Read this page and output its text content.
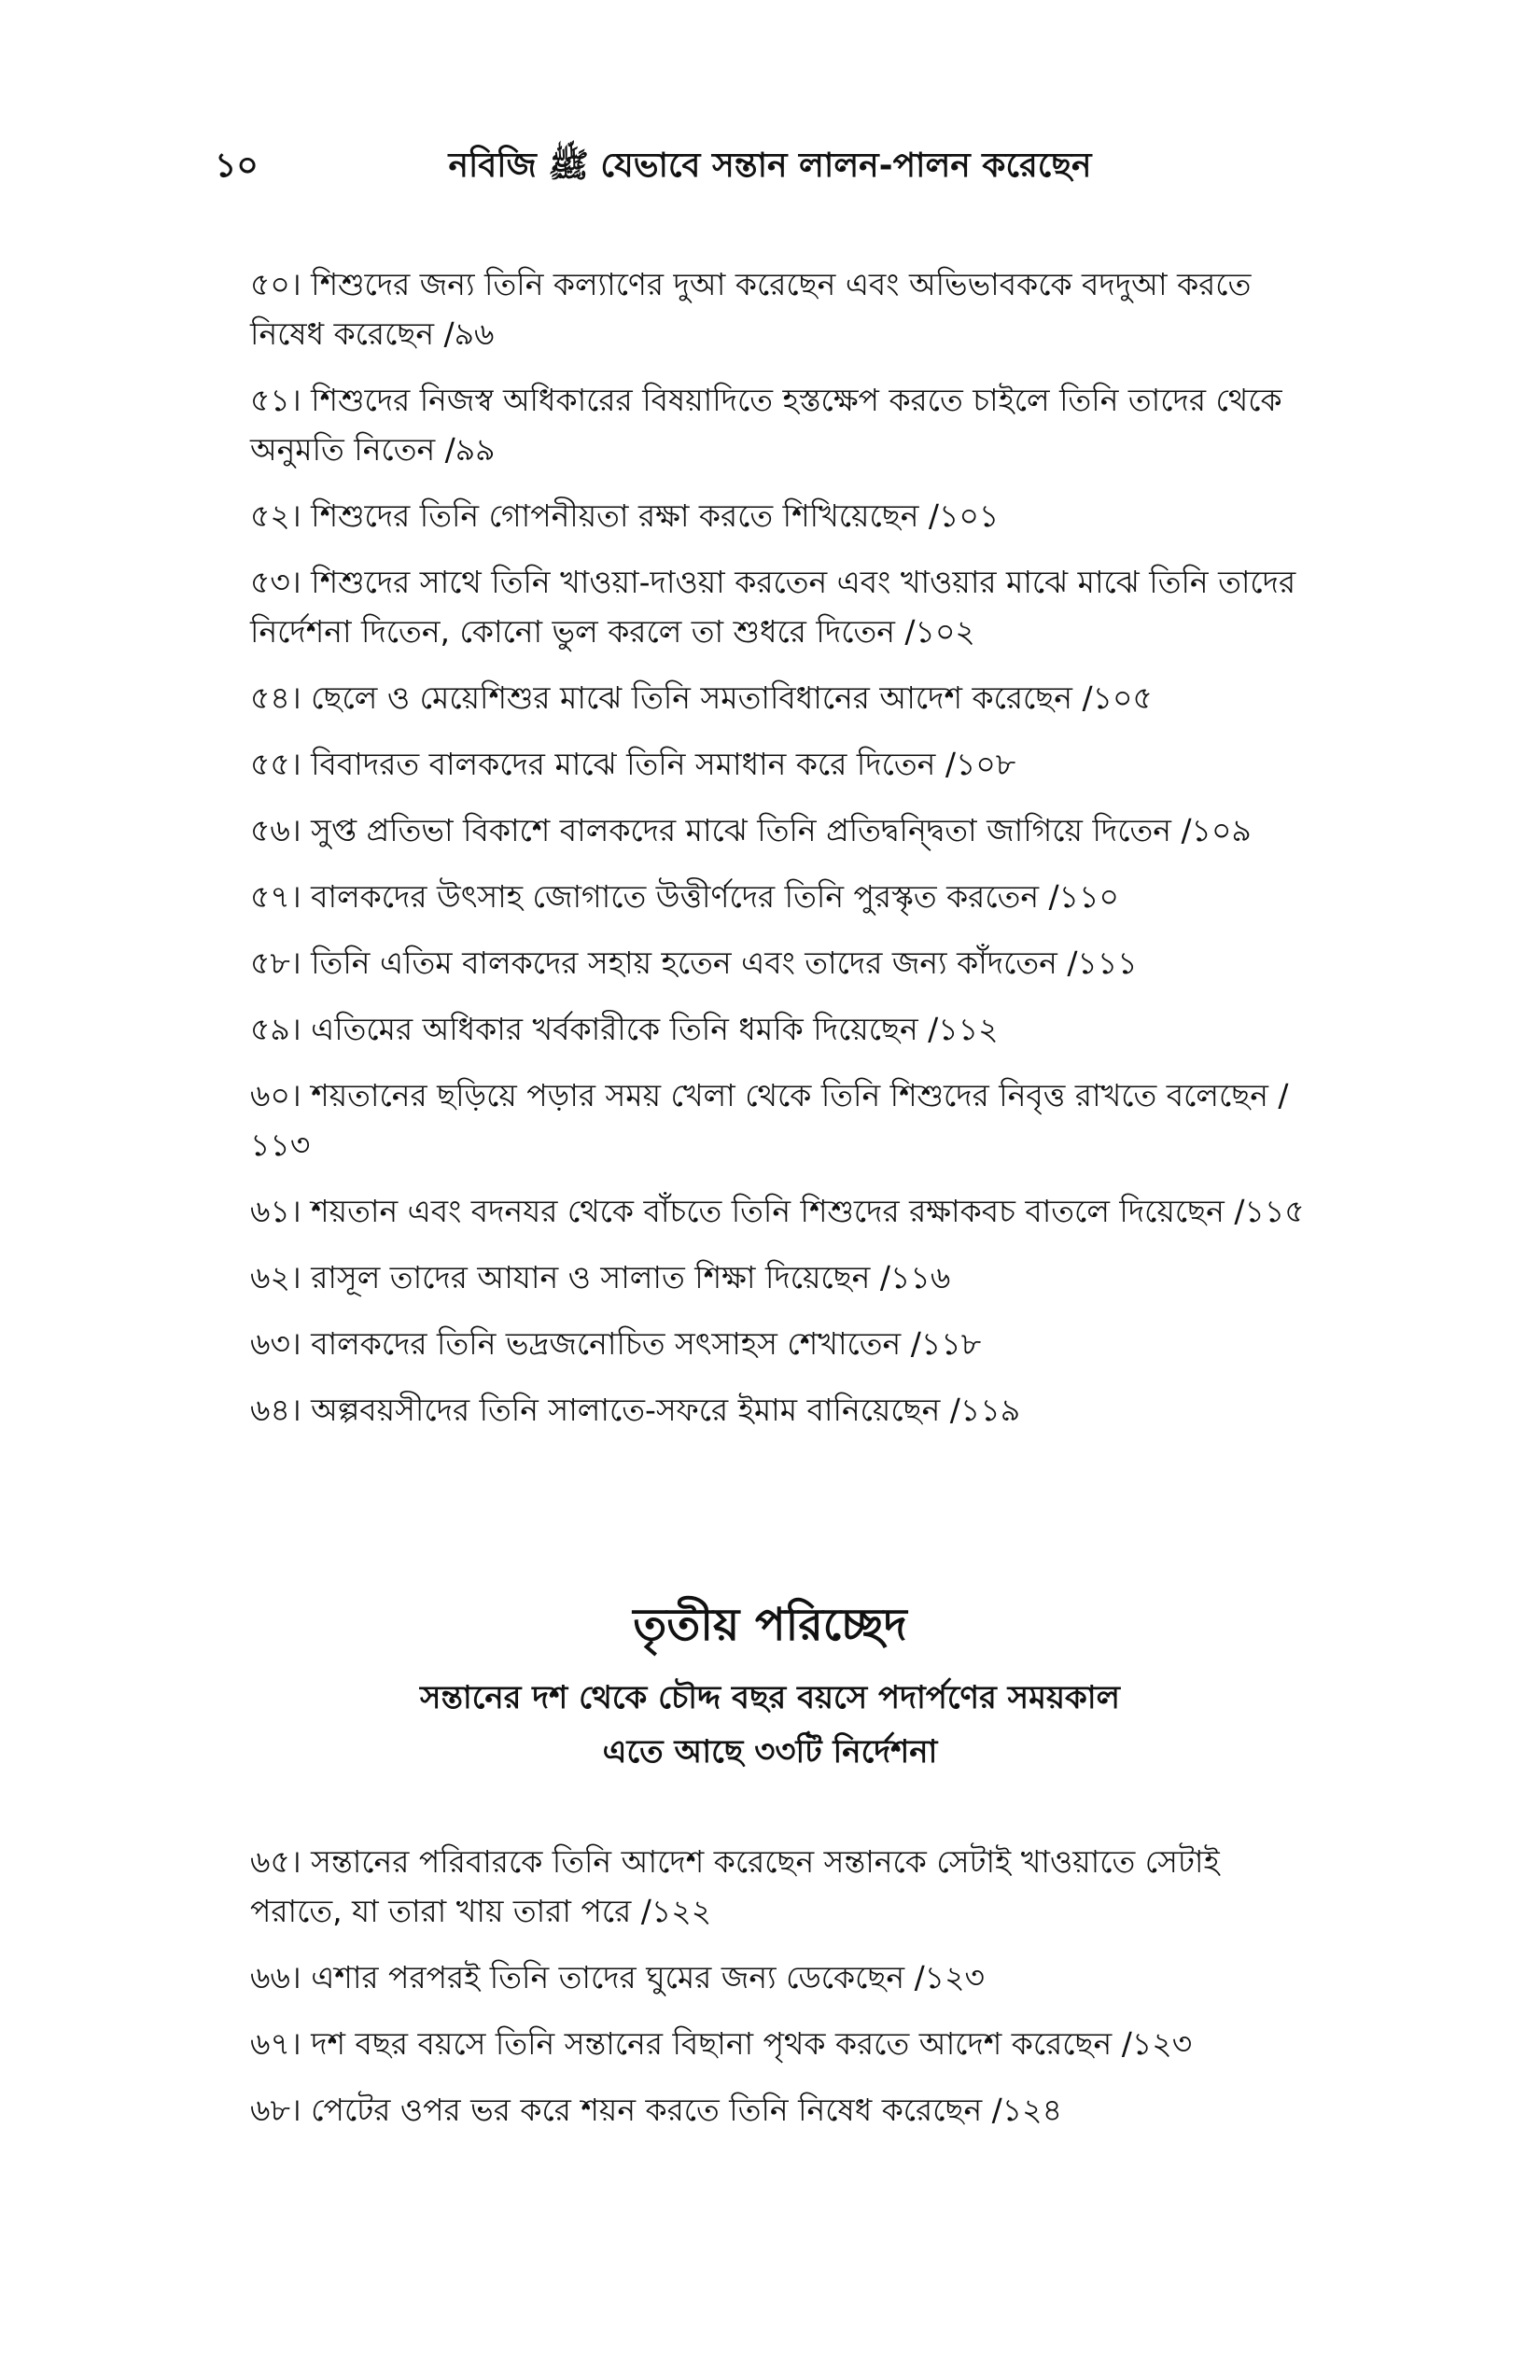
১০	নবিজি ﷺ যেভাবে সন্তান লালন-পালন করেছেন

৫০। শিশুদের জন্য তিনি কল্যাণের দুআ করেছেন এবং অভিভাবককে বদদুআ করতে নিষেধ করেছেন /৯৬

৫১। শিশুদের নিজস্ব অধিকারের বিষয়াদিতে হস্তক্ষেপ করতে চাইলে তিনি তাদের থেকে অনুমতি নিতেন /৯৯

৫২। শিশুদের তিনি গোপনীয়তা রক্ষা করতে শিখিয়েছেন /১০১

৫৩। শিশুদের সাথে তিনি খাওয়া-দাওয়া করতেন এবং খাওয়ার মাঝে মাঝে তিনি তাদের নির্দেশনা দিতেন, কোনো ভুল করলে তা শুধরে দিতেন /১০২

৫৪। ছেলে ও মেয়েশিশুর মাঝে তিনি সমতাবিধানের আদেশ করেছেন /১০৫

৫৫। বিবাদরত বালকদের মাঝে তিনি সমাধান করে দিতেন /১০৮

৫৬। সুপ্ত প্রতিভা বিকাশে বালকদের মাঝে তিনি প্রতিদ্বন্দ্বিতা জাগিয়ে দিতেন /১০৯

৫৭। বালকদের উৎসাহ জোগাতে উত্তীর্ণদের তিনি পুরস্কৃত করতেন /১১০

৫৮। তিনি এতিম বালকদের সহায় হতেন এবং তাদের জন্য কাঁদতেন /১১১

৫৯। এতিমের অধিকার খর্বকারীকে তিনি ধমকি দিয়েছেন /১১২

৬০। শয়তানের ছড়িয়ে পড়ার সময় খেলা থেকে তিনি শিশুদের নিবৃত্ত রাখতে বলেছেন /১১৩

৬১। শয়তান এবং বদনযর থেকে বাঁচতে তিনি শিশুদের রক্ষাকবচ বাতলে দিয়েছেন /১১৫

৬২। রাসূল তাদের আযান ও সালাত শিক্ষা দিয়েছেন /১১৬

৬৩। বালকদের তিনি ভদ্রজনোচিত সৎসাহস শেখাতেন /১১৮

৬৪। অল্পবয়সীদের তিনি সালাতে-সফরে ইমাম বানিয়েছেন /১১৯

তৃতীয় পরিচ্ছেদ
সন্তানের দশ থেকে চৌদ্দ বছর বয়সে পদার্পণের সময়কাল
এতে আছে ৩৩টি নির্দেশনা

৬৫। সন্তানের পরিবারকে তিনি আদেশ করেছেন সন্তানকে সেটাই খাওয়াতে সেটাই পরাতে, যা তারা খায় তারা পরে /১২২

৬৬। এশার পরপরই তিনি তাদের ঘুমের জন্য ডেকেছেন /১২৩

৬৭। দশ বছর বয়সে তিনি সন্তানের বিছানা পৃথক করতে আদেশ করেছেন /১২৩

৬৮। পেটের ওপর ভর করে শয়ন করতে তিনি নিষেধ করেছেন /১২৪
